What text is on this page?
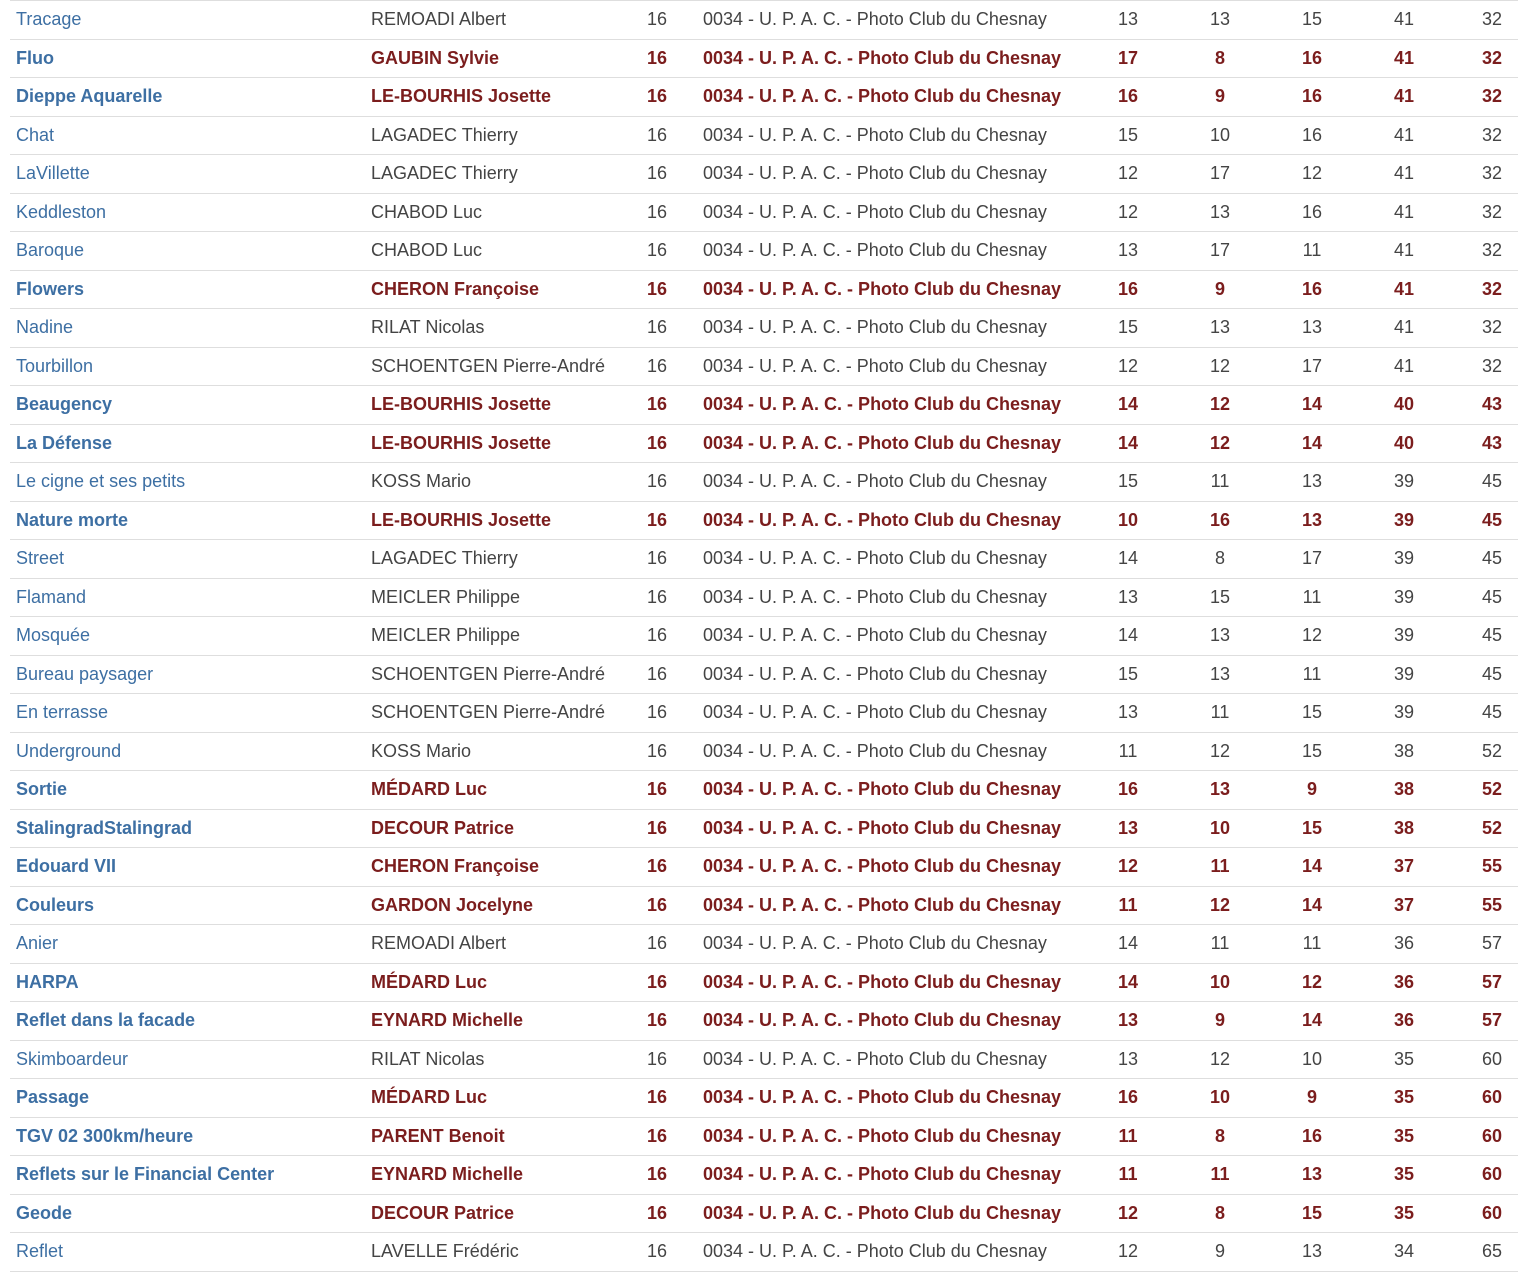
Tracage	REMOADI Albert	16	0034 - U. P. A. C. - Photo Club du Chesnay	13	13	15	41	32
Fluo	GAUBIN Sylvie	16	0034 - U. P. A. C. - Photo Club du Chesnay	17	8	16	41	32
Dieppe Aquarelle	LE-BOURHIS Josette	16	0034 - U. P. A. C. - Photo Club du Chesnay	16	9	16	41	32
Chat	LAGADEC Thierry	16	0034 - U. P. A. C. - Photo Club du Chesnay	15	10	16	41	32
LaVillette	LAGADEC Thierry	16	0034 - U. P. A. C. - Photo Club du Chesnay	12	17	12	41	32
Keddleston	CHABOD Luc	16	0034 - U. P. A. C. - Photo Club du Chesnay	12	13	16	41	32
Baroque	CHABOD Luc	16	0034 - U. P. A. C. - Photo Club du Chesnay	13	17	11	41	32
Flowers	CHERON Françoise	16	0034 - U. P. A. C. - Photo Club du Chesnay	16	9	16	41	32
Nadine	RILAT Nicolas	16	0034 - U. P. A. C. - Photo Club du Chesnay	15	13	13	41	32
Tourbillon	SCHOENTGEN Pierre-André	16	0034 - U. P. A. C. - Photo Club du Chesnay	12	12	17	41	32
Beaugency	LE-BOURHIS Josette	16	0034 - U. P. A. C. - Photo Club du Chesnay	14	12	14	40	43
La Défense	LE-BOURHIS Josette	16	0034 - U. P. A. C. - Photo Club du Chesnay	14	12	14	40	43
Le cigne et ses petits	KOSS Mario	16	0034 - U. P. A. C. - Photo Club du Chesnay	15	11	13	39	45
Nature morte	LE-BOURHIS Josette	16	0034 - U. P. A. C. - Photo Club du Chesnay	10	16	13	39	45
Street	LAGADEC Thierry	16	0034 - U. P. A. C. - Photo Club du Chesnay	14	8	17	39	45
Flamand	MEICLER Philippe	16	0034 - U. P. A. C. - Photo Club du Chesnay	13	15	11	39	45
Mosquée	MEICLER Philippe	16	0034 - U. P. A. C. - Photo Club du Chesnay	14	13	12	39	45
Bureau paysager	SCHOENTGEN Pierre-André	16	0034 - U. P. A. C. - Photo Club du Chesnay	15	13	11	39	45
En terrasse	SCHOENTGEN Pierre-André	16	0034 - U. P. A. C. - Photo Club du Chesnay	13	11	15	39	45
Underground	KOSS Mario	16	0034 - U. P. A. C. - Photo Club du Chesnay	11	12	15	38	52
Sortie	MÉDARD Luc	16	0034 - U. P. A. C. - Photo Club du Chesnay	16	13	9	38	52
StalingradStalingrad	DECOUR Patrice	16	0034 - U. P. A. C. - Photo Club du Chesnay	13	10	15	38	52
Edouard VII	CHERON Françoise	16	0034 - U. P. A. C. - Photo Club du Chesnay	12	11	14	37	55
Couleurs	GARDON Jocelyne	16	0034 - U. P. A. C. - Photo Club du Chesnay	11	12	14	37	55
Anier	REMOADI Albert	16	0034 - U. P. A. C. - Photo Club du Chesnay	14	11	11	36	57
HARPA	MÉDARD Luc	16	0034 - U. P. A. C. - Photo Club du Chesnay	14	10	12	36	57
Reflet dans la facade	EYNARD Michelle	16	0034 - U. P. A. C. - Photo Club du Chesnay	13	9	14	36	57
Skimboardeur	RILAT Nicolas	16	0034 - U. P. A. C. - Photo Club du Chesnay	13	12	10	35	60
Passage	MÉDARD Luc	16	0034 - U. P. A. C. - Photo Club du Chesnay	16	10	9	35	60
TGV 02 300km/heure	PARENT Benoit	16	0034 - U. P. A. C. - Photo Club du Chesnay	11	8	16	35	60
Reflets sur le Financial Center	EYNARD Michelle	16	0034 - U. P. A. C. - Photo Club du Chesnay	11	11	13	35	60
Geode	DECOUR Patrice	16	0034 - U. P. A. C. - Photo Club du Chesnay	12	8	15	35	60
Reflet	LAVELLE Frédéric	16	0034 - U. P. A. C. - Photo Club du Chesnay	12	9	13	34	65
